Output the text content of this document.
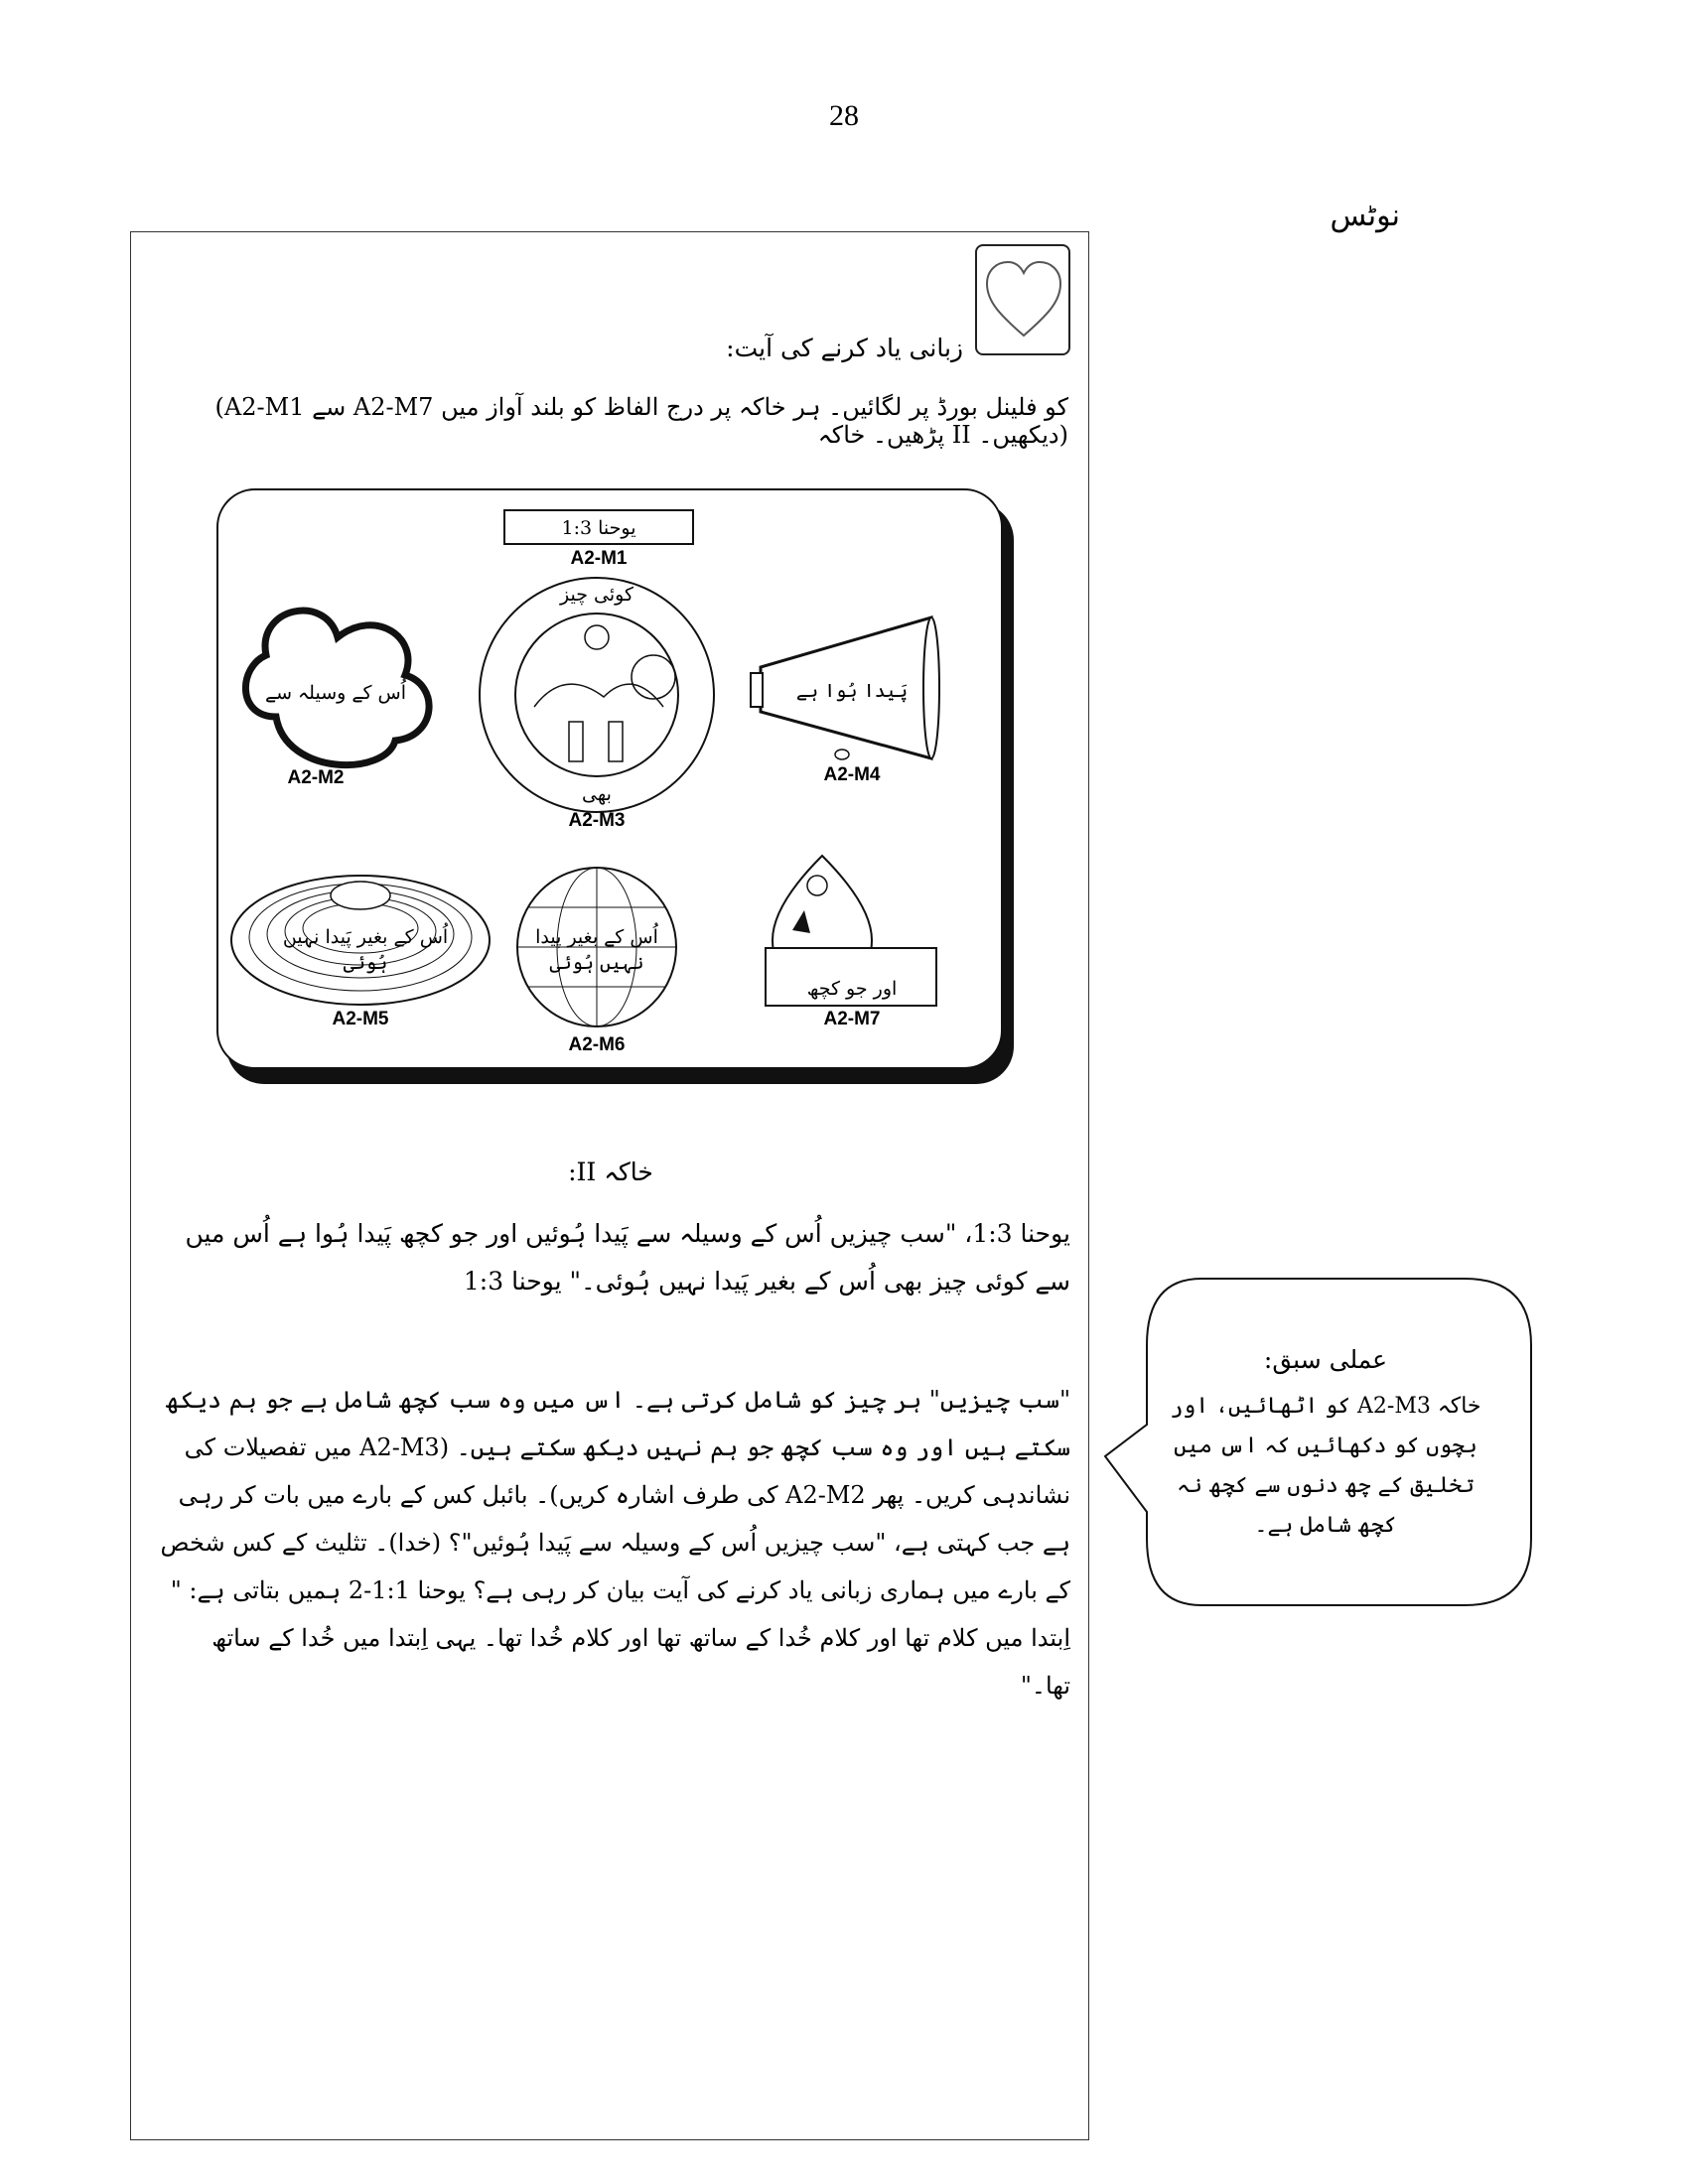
28
نوٹس
زبانی یاد کرنے کی آیت:
(A2-M1 سے A2-M7 کو فلینل بورڈ پر لگائیں۔ ہر خاکہ پر درج الفاظ کو بلند آواز میں پڑھیں۔ خاکہ II دیکھیں۔)
یوحنا 1:3
A2-M1
اُس کے وسیلہ سے
A2-M2
کوئی چیز
بھی
A2-M3
پَیدا ہُوا ہے
A2-M4
اُس کے بغیر پَیدا نہیں
ہُوئی
A2-M5
اُس کے بغیر پیدا
نہیں ہُوئی
A2-M6
اور جو کچھ
A2-M7
خاکہ II:
یوحنا 1:3، "سب چیزیں اُس کے وسیلہ سے پَیدا ہُوئیں اور جو کچھ پَیدا ہُوا ہے اُس میں سے کوئی چیز بھی اُس کے بغیر پَیدا نہیں ہُوئی۔" یوحنا 1:3
"سب چیزیں" ہر چیز کو شامل کرتی ہے۔ اس میں وہ سب کچھ شامل ہے جو ہم دیکھ سکتے ہیں اور وہ سب کچھ جو ہم نہیں دیکھ سکتے ہیں۔ (A2-M3 میں تفصیلات کی نشاندہی کریں۔ پھر A2-M2 کی طرف اشارہ کریں)۔ بائبل کس کے بارے میں بات کر رہی ہے جب کہتی ہے، "سب چیزیں اُس کے وسیلہ سے پَیدا ہُوئیں"؟ (خدا)۔ تثلیث کے کس شخص کے بارے میں ہماری زبانی یاد کرنے کی آیت بیان کر رہی ہے؟ یوحنا 1:1-2 ہمیں بتاتی ہے: " اِبتدا میں کلام تھا اور کلام خُدا کے ساتھ تھا اور کلام خُدا تھا۔ یہی اِبتدا میں خُدا کے ساتھ تھا۔"
عملی سبق:
خاکہ A2-M3 کو اٹھائیں، اور بچوں کو دکھائیں کہ اس میں تخلیق کے چھ دنوں سے کچھ نہ کچھ شامل ہے۔
